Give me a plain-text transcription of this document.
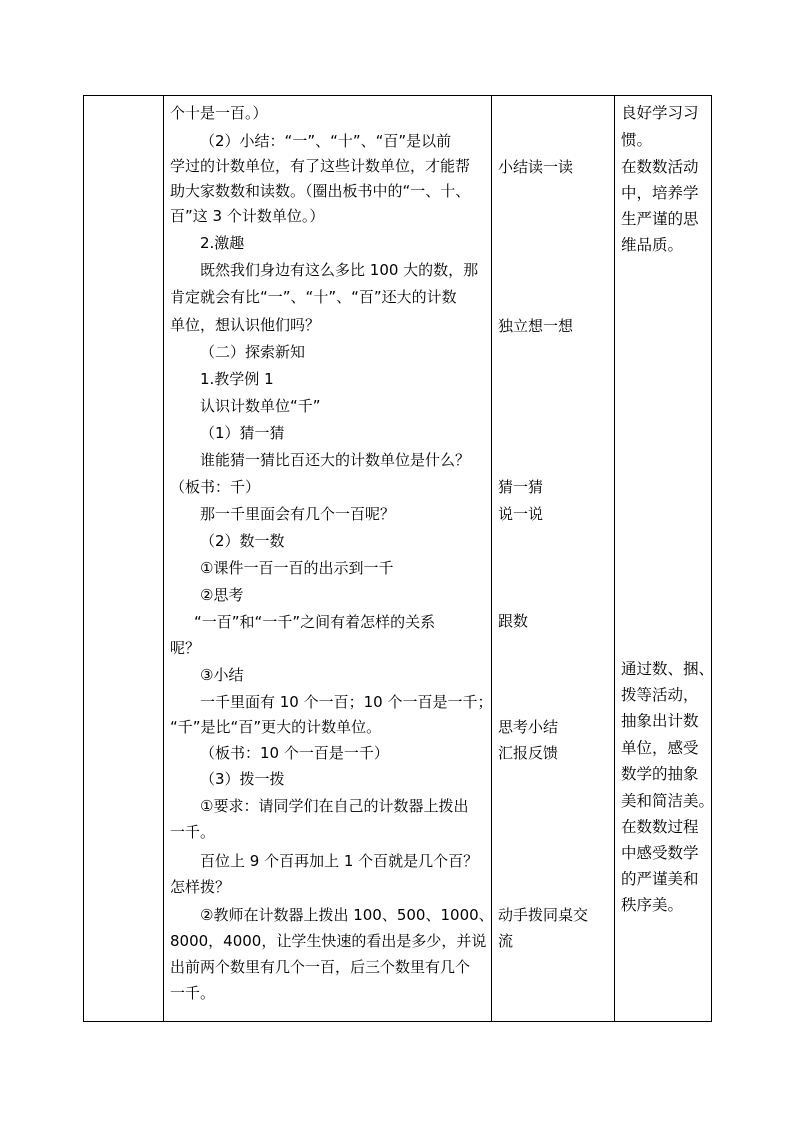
个十是一百。）
（2）小结：“一”、“十”、“百”是以前
学过的计数单位，有了这些计数单位，才能帮
助大家数数和读数。（圈出板书中的“一、十、
百”这 3 个计数单位。）
2.激趣
既然我们身边有这么多比 100 大的数，那
肯定就会有比“一”、“十”、“百”还大的计数
单位，想认识他们吗？
（二）探索新知
1.教学例 1
认识计数单位“千”
（1）猜一猜
谁能猜一猜比百还大的计数单位是什么？
（板书：千）
那一千里面会有几个一百呢？
（2）数一数
①课件一百一百的出示到一千
②思考
“一百”和“一千”之间有着怎样的关系
呢？
③小结
一千里面有 10 个一百；10 个一百是一千；
“千”是比“百”更大的计数单位。
（板书：10 个一百是一千）
（3）拨一拨
①要求：请同学们在自己的计数器上拨出
一千。
百位上 9 个百再加上 1 个百就是几个百？
怎样拨？
②教师在计数器上拨出 100、500、1000、
8000，4000，让学生快速的看出是多少，并说
出前两个数里有几个一百，后三个数里有几个
一千。

小结读一读
独立想一想
猜一猜
说一说
跟数
思考小结
汇报反馈
动手拨同桌交
流

良好学习习
惯。
在数数活动
中，培养学
生严谨的思
维品质。
通过数、捆、
拨等活动，
抽象出计数
单位，感受
数学的抽象
美和简洁美。
在数数过程
中感受数学
的严谨美和
秩序美。
